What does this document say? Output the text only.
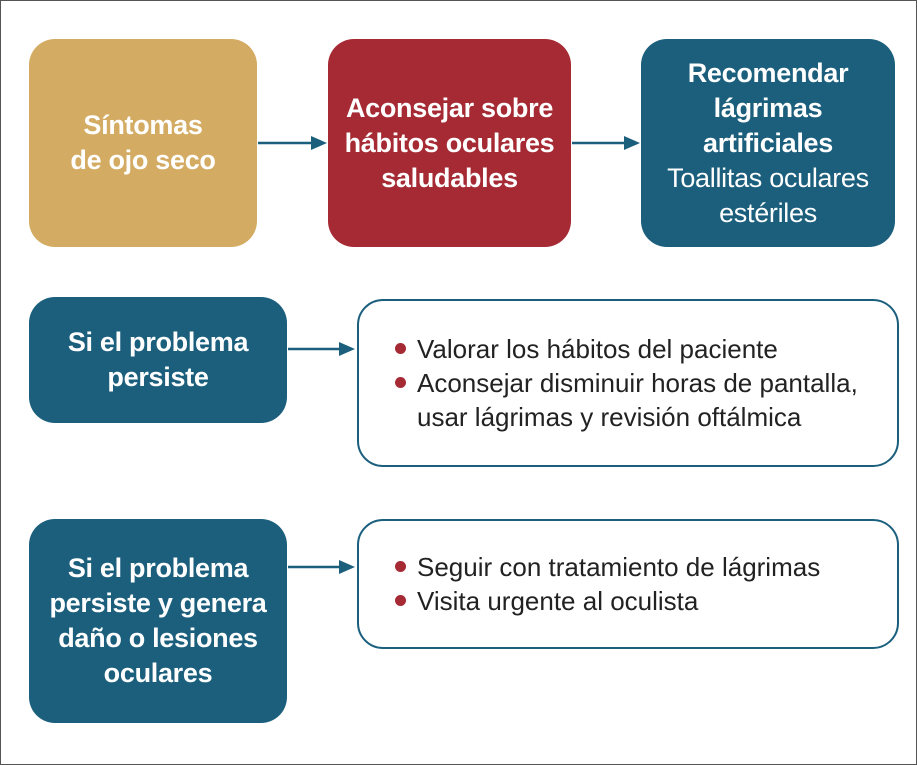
Síntomas
de ojo seco
Aconsejar sobre
hábitos oculares
saludables
Recomendar
lágrimas
artificiales
Toallitas oculares
estériles
Si el problema
persiste
Valorar los hábitos del paciente
Aconsejar disminuir horas de pantalla,
usar lágrimas y revisión oftálmica
Si el problema
persiste y genera
daño o lesiones
oculares
Seguir con tratamiento de lágrimas
Visita urgente al oculista
